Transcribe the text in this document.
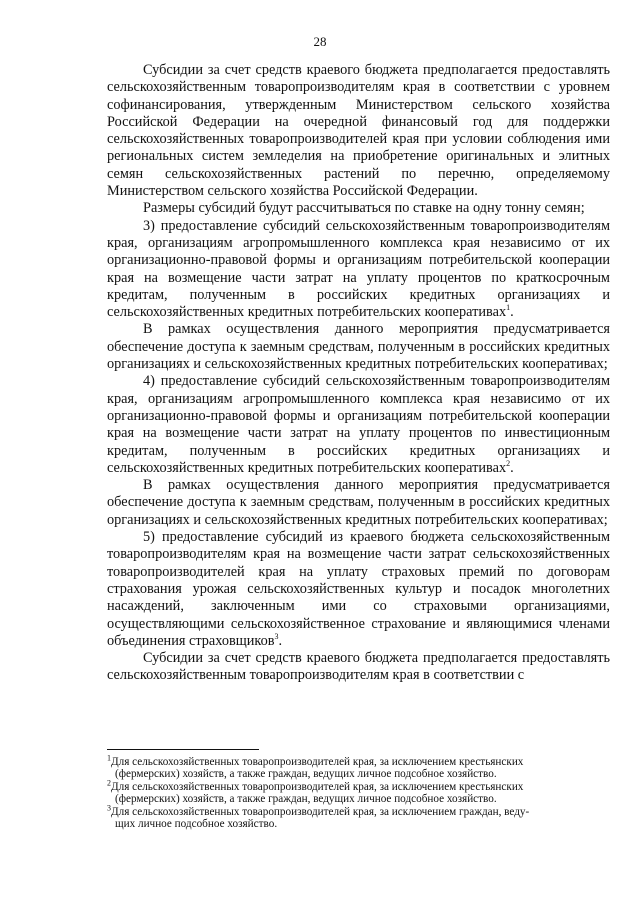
28

Субсидии за счет средств краевого бюджета предполагается предоставлять сельскохозяйственным товаропроизводителям края в соответствии с уровнем софинансирования, утвержденным Министерством сельского хозяйства Российской Федерации на очередной финансовый год для поддержки сельскохозяйственных товаропроизводителей края при условии соблюдения ими региональных систем земледелия на приобретение оригинальных и элитных семян сельскохозяйственных растений по перечню, определяемому Министерством сельского хозяйства Российской Федерации.

Размеры субсидий будут рассчитываться по ставке на одну тонну семян;

3) предоставление субсидий сельскохозяйственным товаропроизводителям края, организациям агропромышленного комплекса края независимо от их организационно-правовой формы и организациям потребительской кооперации края на возмещение части затрат на уплату процентов по краткосрочным кредитам, полученным в российских кредитных организациях и сельскохозяйственных кредитных потребительских кооперативах$^1$.

В рамках осуществления данного мероприятия предусматривается обеспечение доступа к заемным средствам, полученным в российских кредитных организациях и сельскохозяйственных кредитных потребительских кооперативах;

4) предоставление субсидий сельскохозяйственным товаропроизводителям края, организациям агропромышленного комплекса края независимо от их организационно-правовой формы и организациям потребительской кооперации края на возмещение части затрат на уплату процентов по инвестиционным кредитам, полученным в российских кредитных организациях и сельскохозяйственных кредитных потребительских кооперативах$^2$.

В рамках осуществления данного мероприятия предусматривается обеспечение доступа к заемным средствам, полученным в российских кредитных организациях и сельскохозяйственных кредитных потребительских кооперативах;

5) предоставление субсидий из краевого бюджета сельскохозяйственным товаропроизводителям края на возмещение части затрат сельскохозяйственных товаропроизводителей края на уплату страховых премий по договорам страхования урожая сельскохозяйственных культур и посадок многолетних насаждений, заключенным ими со страховыми организациями, осуществляющими сельскохозяйственное страхование и являющимися членами объединения страховщиков$^3$.

Субсидии за счет средств краевого бюджета предполагается предоставлять сельскохозяйственным товаропроизводителям края в соответствии с

$^1$Для сельскохозяйственных товаропроизводителей края, за исключением крестьянских

(фермерских) хозяйств, а также граждан, ведущих личное подсобное хозяйство.

$^2$Для сельскохозяйственных товаропроизводителей края, за исключением крестьянских

(фермерских) хозяйств, а также граждан, ведущих личное подсобное хозяйство.

$^3$Для сельскохозяйственных товаропроизводителей края, за исключением граждан, веду-

щих личное подсобное хозяйство.
